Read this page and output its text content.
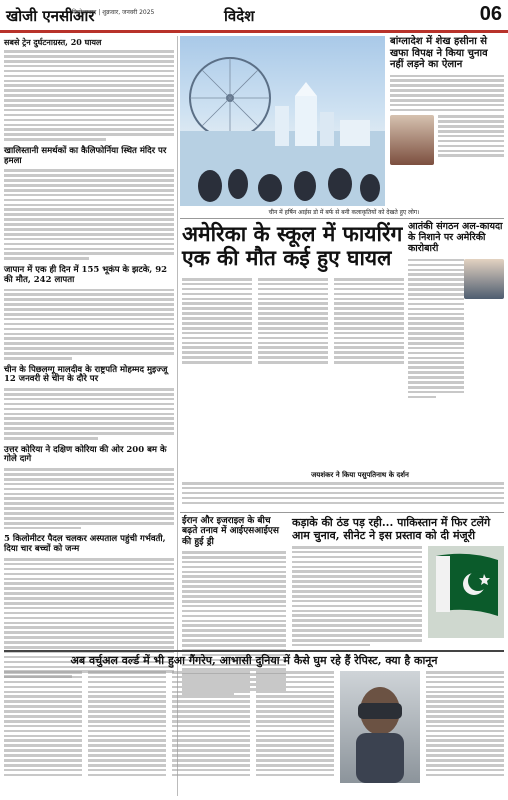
खोजी एनसीआर
फ़िरोज़ाबाद | शुक्रवार, जनवरी 2025	विदेश	06
सबसे ट्रेन दुर्घटनाग्रस्त, 20 घायल
खालिस्तानी समर्थकों का कैलिफोर्निया स्थित मंदिर पर हमला
जापान में एक ही दिन में 155 भूकंप के झटके, 92 की मौत, 242 लापता
चीन के पिछलग्गू मालदीव के राष्ट्रपति मोहम्मद मुइज्जू 12 जनवरी से चीन के दौरे पर
उत्तर कोरिया ने दक्षिण कोरिया की ओर 200 बम के गोले दागे
5 किलोमीटर पैदल चलकर अस्पताल पहुंची गर्भवती, दिया चार बच्चों को जन्म
चीन में हर्षिन आईस डो में बर्फ से बनी कलाकृतियों को देखते हुए लोग।
बांग्लादेश में शेख हसीना से खफा विपक्ष ने किया चुनाव नहीं लड़ने का ऐलान
अमेरिका के स्कूल में फायरिंग एक की मौत कई हुए घायल
आतंकी संगठन अल-कायदा के निशाने पर अमेरिकी कारोबारी
जयशंकर ने किया पसुपतिनाथ के दर्शन
ईरान और इजराइल के बीच बढ़ते तनाव में आईएसआईएस की हुई ड्री
कड़ाके की ठंड पड़ रही... पाकिस्तान में फिर टलेंगे आम चुनाव, सीनेट ने इस प्रस्ताव को दी मंजूरी
अब वर्चुअल वर्ल्ड में भी हुआ गैंगरेप, आभासी दुनिया में कैसे घुम रहे हैं रेपिस्ट, क्या है कानून
